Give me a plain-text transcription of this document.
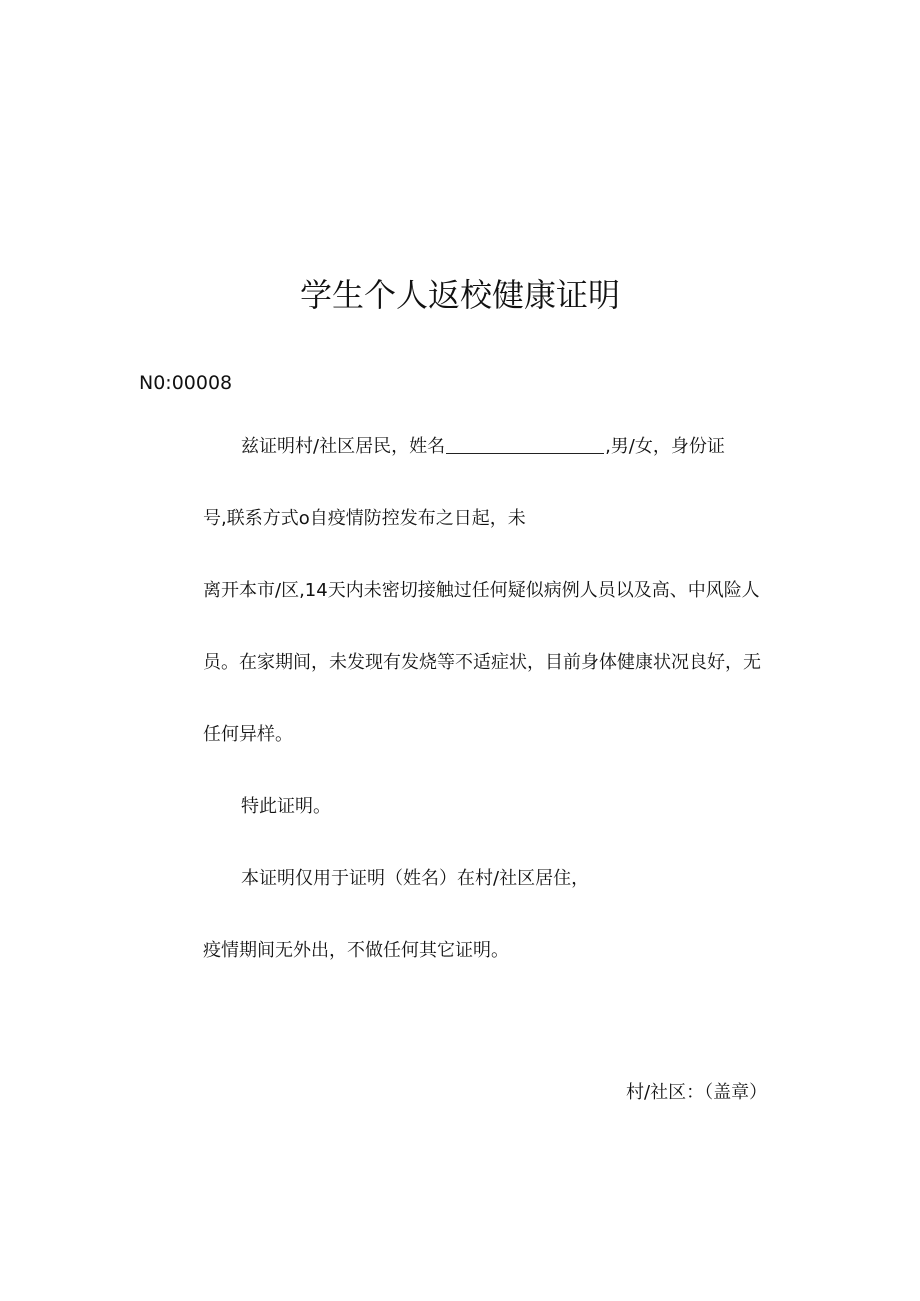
学生个人返校健康证明
N0:00008
兹证明村/社区居民，姓名	,男/女，身份证
号,联系方式o自疫情防控发布之日起，未
离开本市/区,14天内未密切接触过任何疑似病例人员以及高、中风险人
员。在家期间，未发现有发烧等不适症状，目前身体健康状况良好，无
任何异样。
特此证明。
本证明仅用于证明（姓名）在村/社区居住，
疫情期间无外出，不做任何其它证明。
村/社区：（盖章）
